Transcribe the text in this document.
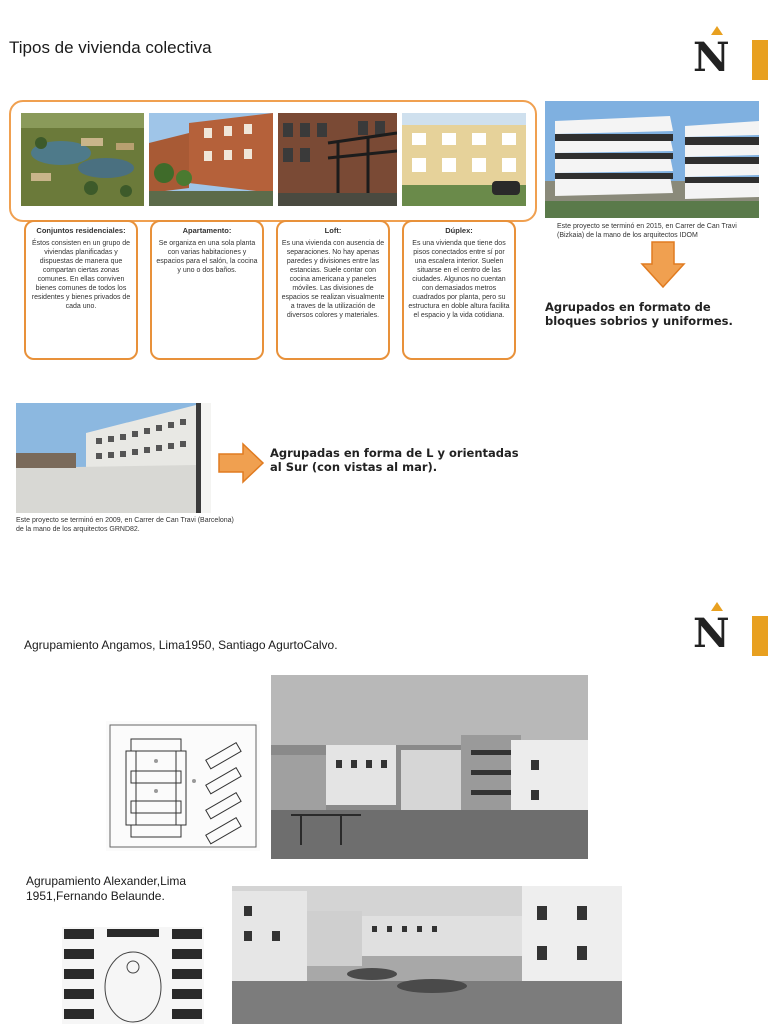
Tipos de vivienda colectiva	N
Conjuntos residenciales:
Éstos consisten en un grupo de viviendas planificadas y dispuestas de manera que compartan ciertas zonas comunes. En ellas conviven bienes comunes de todos los residentes y bienes privados de cada uno.
Apartamento:
Se organiza en una sola planta con varias habitaciones y espacios para el salón, la cocina y uno o dos baños.
Loft:
Es una vivienda con ausencia de separaciones. No hay apenas paredes y divisiones entre las estancias. Suele contar con cocina americana y paneles móviles. Las divisiones de espacios se realizan visualmente a traves de la utilización de diversos colores y materiales.
Dúplex:
Es una vivienda que tiene dos pisos conectados entre sí por una escalera interior. Suelen situarse en el centro de las ciudades. Algunos no cuentan con demasiados metros cuadrados por planta, pero su estructura en doble altura facilita el espacio y la vida cotidiana.
Este proyecto se terminó en 2015, en Carrer de Can Travi (Bizkaia) de la mano de los arquitectos IDOM
Agrupados en formato de bloques sobrios y uniformes.
Agrupadas en forma de L y orientadas al Sur (con vistas al mar).
Este proyecto se terminó en 2009, en Carrer de Can Travi (Barcelona) de la mano de los arquitectos GRND82.
N
Agrupamiento Angamos, Lima1950, Santiago AgurtoCalvo.
Agrupamiento Alexander,Lima 1951,Fernando Belaunde.
